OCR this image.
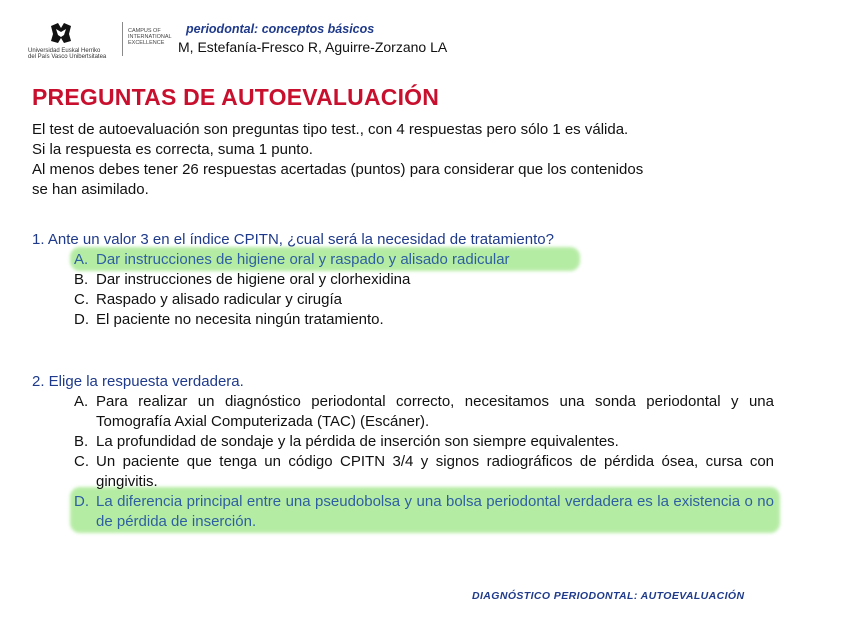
Universidad Euskal Herriko
del País Vasco Unibertsitatea
CAMPUS OF
INTERNATIONAL
EXCELLENCE
periodontal: conceptos básicos
M, Estefanía-Fresco R, Aguirre-Zorzano LA
PREGUNTAS DE AUTOEVALUACIÓN
El test de autoevaluación son preguntas tipo test., con 4 respuestas pero sólo 1 es válida.
Si la respuesta es correcta, suma 1 punto.
Al menos debes tener 26 respuestas acertadas (puntos) para considerar que los contenidos
se han asimilado.
1. Ante un valor 3 en el índice CPITN, ¿cual será la necesidad de tratamiento?
A. Dar instrucciones de higiene oral y raspado y alisado radicular
B. Dar instrucciones de higiene oral y clorhexidina
C. Raspado y alisado radicular y cirugía
D. El paciente no necesita ningún tratamiento.
2. Elige la respuesta verdadera.
A. Para realizar un diagnóstico periodontal correcto, necesitamos una sonda periodontal y una Tomografía Axial Computerizada (TAC) (Escáner).
B. La profundidad de sondaje y la pérdida de inserción son siempre equivalentes.
C. Un paciente que tenga un código CPITN 3/4 y signos radiográficos de pérdida ósea, cursa con gingivitis.
D. La diferencia principal entre una pseudobolsa y una bolsa periodontal verdadera es la existencia o no de pérdida de inserción.
DIAGNÓSTICO PERIODONTAL: AUTOEVALUACIÓN
